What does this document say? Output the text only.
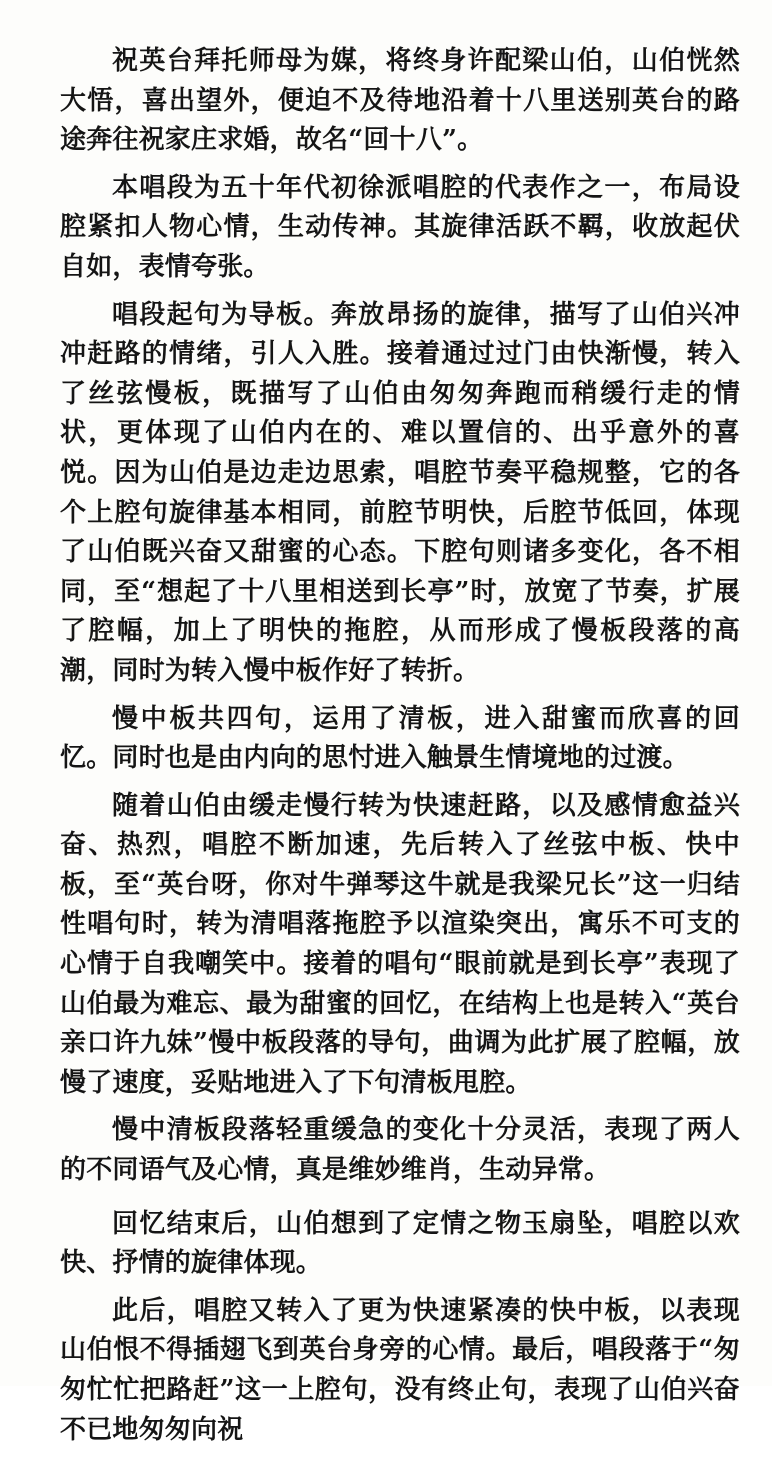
祝英台拜托师母为媒，将终身许配梁山伯，山伯恍然大悟，喜出望外，便迫不及待地沿着十八里送别英台的路途奔往祝家庄求婚，故名“回十八”。

本唱段为五十年代初徐派唱腔的代表作之一，布局设腔紧扣人物心情，生动传神。其旋律活跃不羁，收放起伏自如，表情夸张。

唱段起句为导板。奔放昂扬的旋律，描写了山伯兴冲冲赶路的情绪，引人入胜。接着通过过门由快渐慢，转入了丝弦慢板，既描写了山伯由匆匆奔跑而稍缓行走的情状，更体现了山伯内在的、难以置信的、出乎意外的喜悦。因为山伯是边走边思索，唱腔节奏平稳规整，它的各个上腔句旋律基本相同，前腔节明快，后腔节低回，体现了山伯既兴奋又甜蜜的心态。下腔句则诸多变化，各不相同，至“想起了十八里相送到长亭”时，放宽了节奏，扩展了腔幅，加上了明快的拖腔，从而形成了慢板段落的高潮，同时为转入慢中板作好了转折。

慢中板共四句，运用了清板，进入甜蜜而欣喜的回忆。同时也是由内向的思忖进入触景生情境地的过渡。

随着山伯由缓走慢行转为快速赶路，以及感情愈益兴奋、热烈，唱腔不断加速，先后转入了丝弦中板、快中板，至“英台呀，你对牛弹琴这牛就是我梁兄长”这一归结性唱句时，转为清唱落拖腔予以渲染突出，寓乐不可支的心情于自我嘲笑中。接着的唱句“眼前就是到长亭”表现了山伯最为难忘、最为甜蜜的回忆，在结构上也是转入“英台亲口许九妹”慢中板段落的导句，曲调为此扩展了腔幅，放慢了速度，妥贴地进入了下句清板甩腔。

慢中清板段落轻重缓急的变化十分灵活，表现了两人的不同语气及心情，真是维妙维肖，生动异常。

回忆结束后，山伯想到了定情之物玉扇坠，唱腔以欢快、抒情的旋律体现。

此后，唱腔又转入了更为快速紧凑的快中板，以表现山伯恨不得插翅飞到英台身旁的心情。最后，唱段落于“匆匆忙忙把路赶”这一上腔句，没有终止句，表现了山伯兴奋不已地匆匆向祝
